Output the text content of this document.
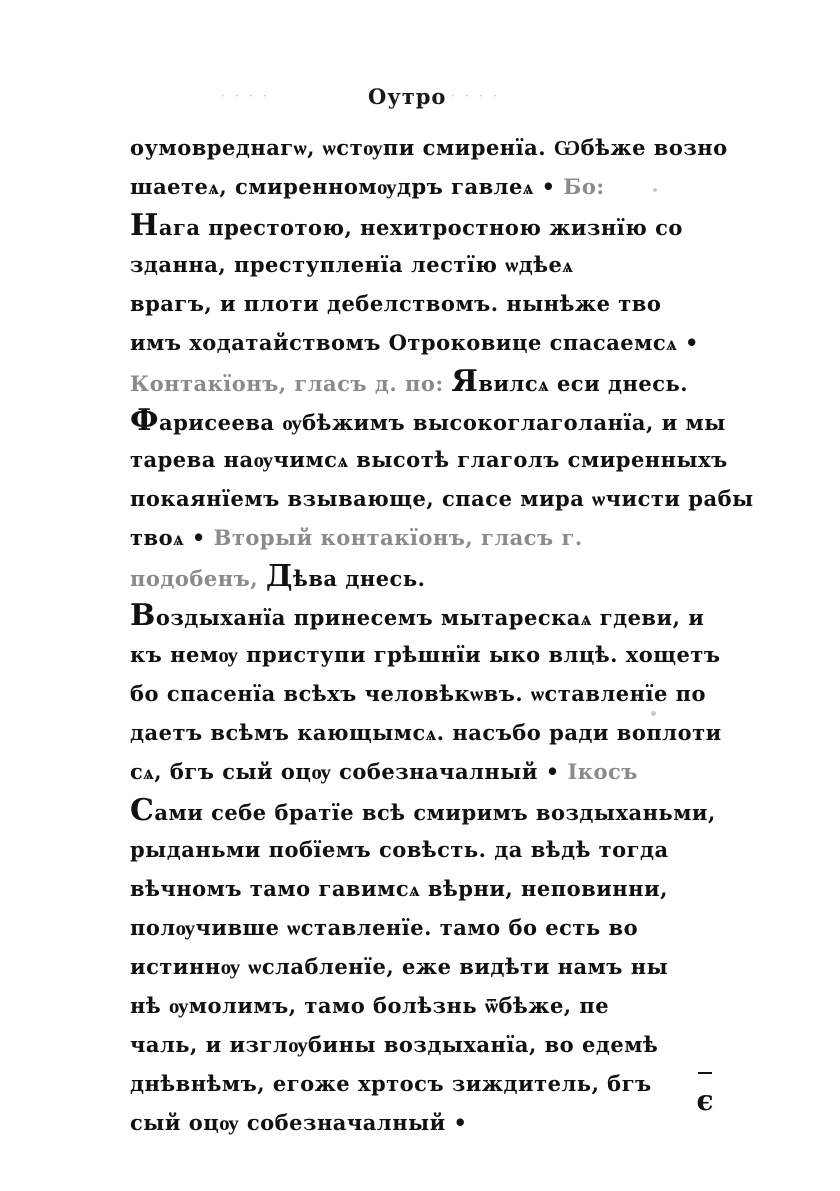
· · · ·	Оутро · · · ·
оумовреднагѡ, ѡстѹпи смиренїа. Ѡбѣже возно
шаетеѧ, смиренномѹдръ гавлеѧ • Бо:
Нага престотою, нехитростною жизнїю со
зданна, преступленїа лестїю ѡдѣеѧ
врагъ, и плоти дебелствомъ. нынѣже тво
имъ ходатайствомъ Отроковице спасаемсѧ •
Контакїонъ, гласъ д. по: Явилсѧ еси днесь.
Фарисеева ѹбѣжимъ высокоглаголанїа, и мы
тарева наѹчимсѧ высотѣ глаголъ смиренныхъ
покаянїемъ взывающе, спасе мира ѡчисти рабы
твоѧ • Вторый контакїонъ, гласъ г.
подобенъ, Дѣва днесь.
Воздыханїа принесемъ мытарескаѧ гдеви, и
къ немѹ приступи грѣшнїи ыко влцѣ. хощетъ
бо спасенїа всѣхъ человѣкѡвъ. ѡставленїе по
даетъ всѣмъ кающымсѧ. насъбо ради воплоти
сѧ, бгъ сый оцѹ собезначалный • Ікосъ
Сами себе братїе всѣ смиримъ воздыханьми,
рыданьми побїемъ совѣсть. да вѣдѣ тогда
вѣчномъ тамо гавимсѧ вѣрни, неповинни,
полѹчивше ѡставленїе. тамо бо есть во
истиннѹ ѡслабленїе, еже видѣти намъ ны
нѣ ѹмолимъ, тамо болѣзнь ѿбѣже, пе
чаль, и изглѹбины воздыханїа, во едемѣ
днѣвнѣмъ, егоже хртосъ зиждитель, бгъ
сый оцѹ собезначалный •
є
